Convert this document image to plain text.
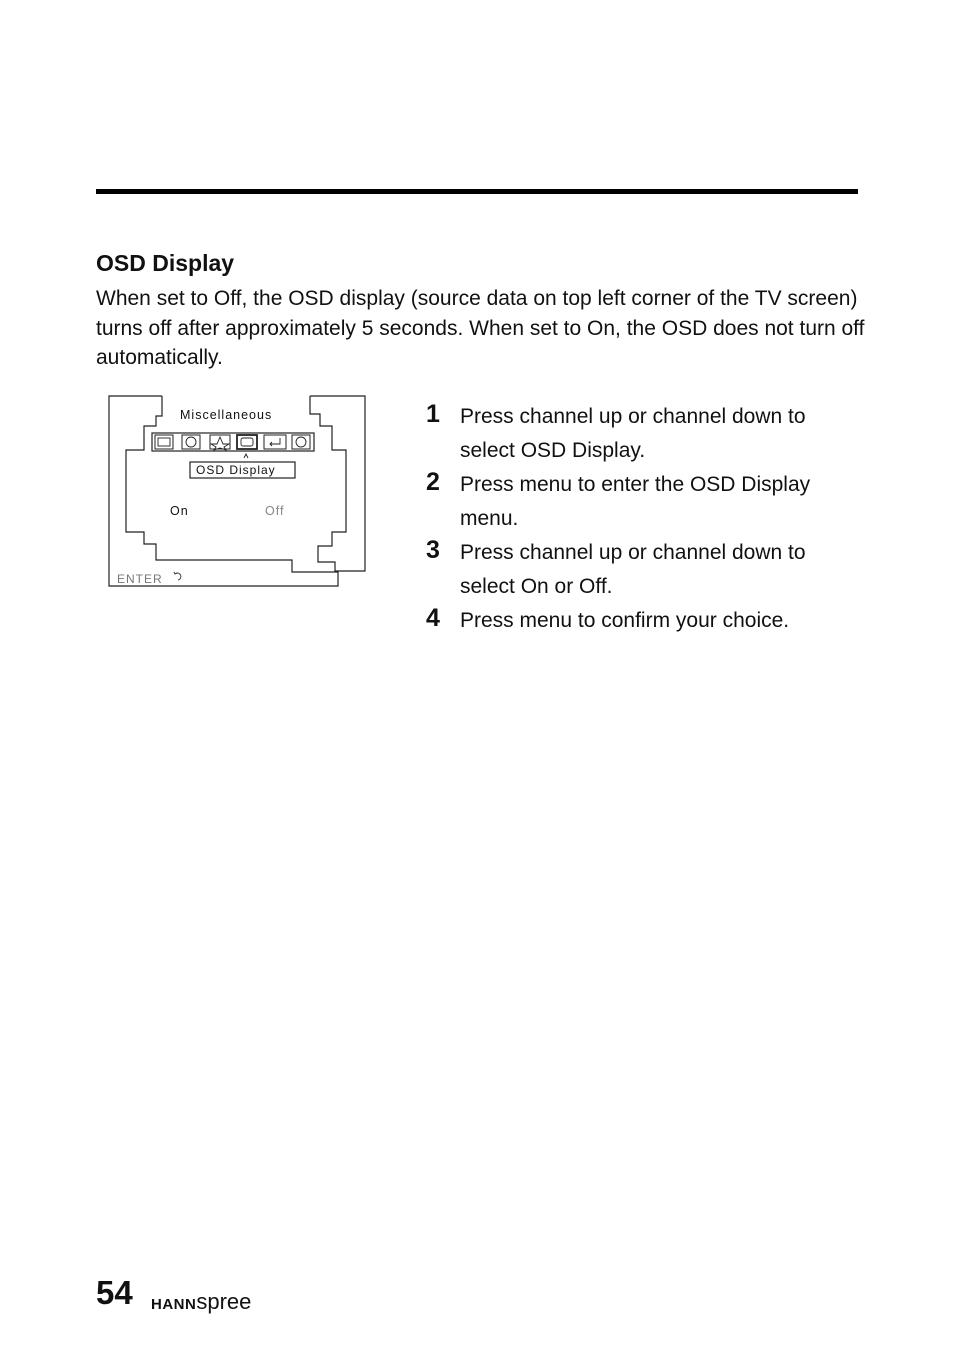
OSD Display

When set to Off, the OSD display (source data on top left corner of the TV screen) turns off after approximately 5 seconds. When set to On, the OSD does not turn off automatically.

Miscellaneous
OSD Display
On	Off
ENTER
1 Press channel up or channel down to select OSD Display.
2 Press menu to enter the OSD Display menu.
3 Press channel up or channel down to select On or Off.
4 Press menu to confirm your choice.
54 HANNspree
